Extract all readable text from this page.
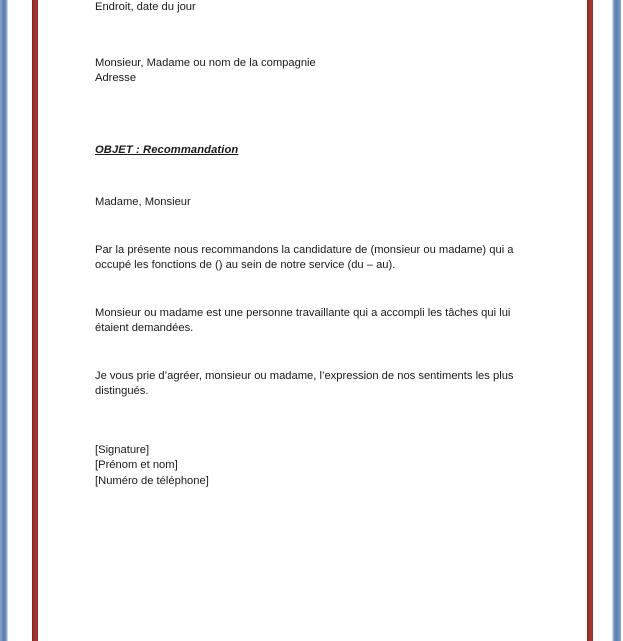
Endroit, date du jour
Monsieur, Madame ou nom de la compagnie
Adresse
OBJET : Recommandation
Madame, Monsieur
Par la présente nous recommandons la candidature de (monsieur ou madame) qui a occupé les fonctions de () au sein de notre service (du – au).
Monsieur ou madame est une personne travaillante qui a accompli les tâches qui lui étaient demandées.
Je vous prie d’agréer, monsieur ou madame, l’expression de nos sentiments les plus distingués.
[Signature]
[Prénom et nom]
[Numéro de téléphone]
